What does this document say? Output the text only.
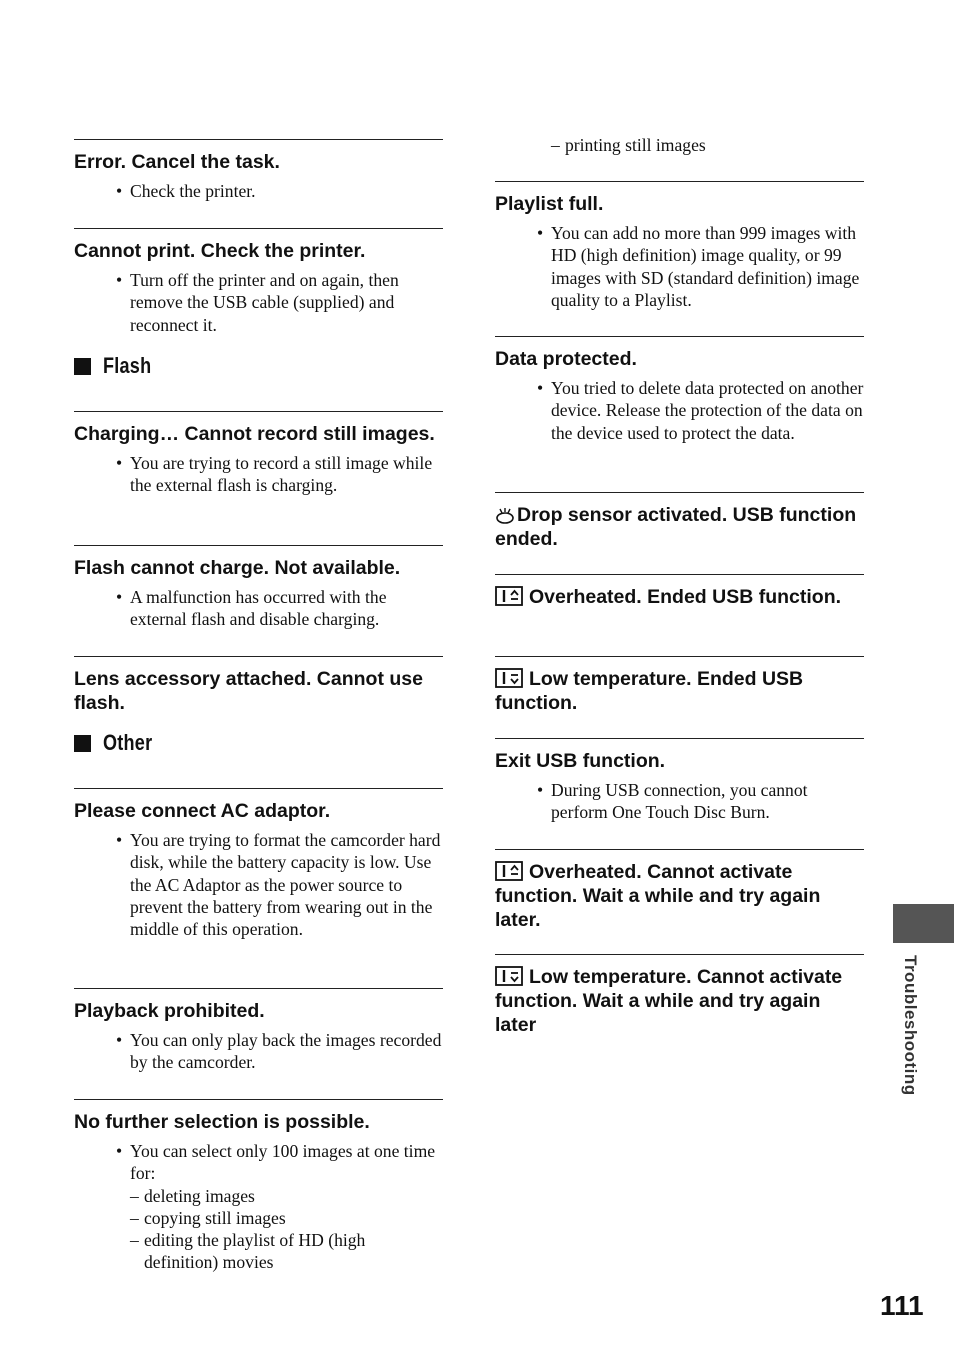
Error. Cancel the task.
• Check the printer.
Cannot print. Check the printer.
• Turn off the printer and on again, then remove the USB cable (supplied) and reconnect it.
Flash
Charging… Cannot record still images.
• You are trying to record a still image while the external flash is charging.
Flash cannot charge. Not available.
• A malfunction has occurred with the external flash and disable charging.
Lens accessory attached. Cannot use flash.
Other
Please connect AC adaptor.
• You are trying to format the camcorder hard disk, while the battery capacity is low. Use the AC Adaptor as the power source to prevent the battery from wearing out in the middle of this operation.
Playback prohibited.
• You can only play back the images recorded by the camcorder.
No further selection is possible.
• You can select only 100 images at one time for:
– deleting images
– copying still images
– editing the playlist of HD (high definition) movies
– printing still images
Playlist full.
• You can add no more than 999 images with HD (high definition) image quality, or 99 images with SD (standard definition) image quality to a Playlist.
Data protected.
• You tried to delete data protected on another device. Release the protection of the data on the device used to protect the data.
Drop sensor activated. USB function ended.
Overheated. Ended USB function.
Low temperature. Ended USB function.
Exit USB function.
• During USB connection, you cannot perform One Touch Disc Burn.
Overheated. Cannot activate function. Wait a while and try again later.
Low temperature. Cannot activate function. Wait a while and try again later	Troubleshooting
111
